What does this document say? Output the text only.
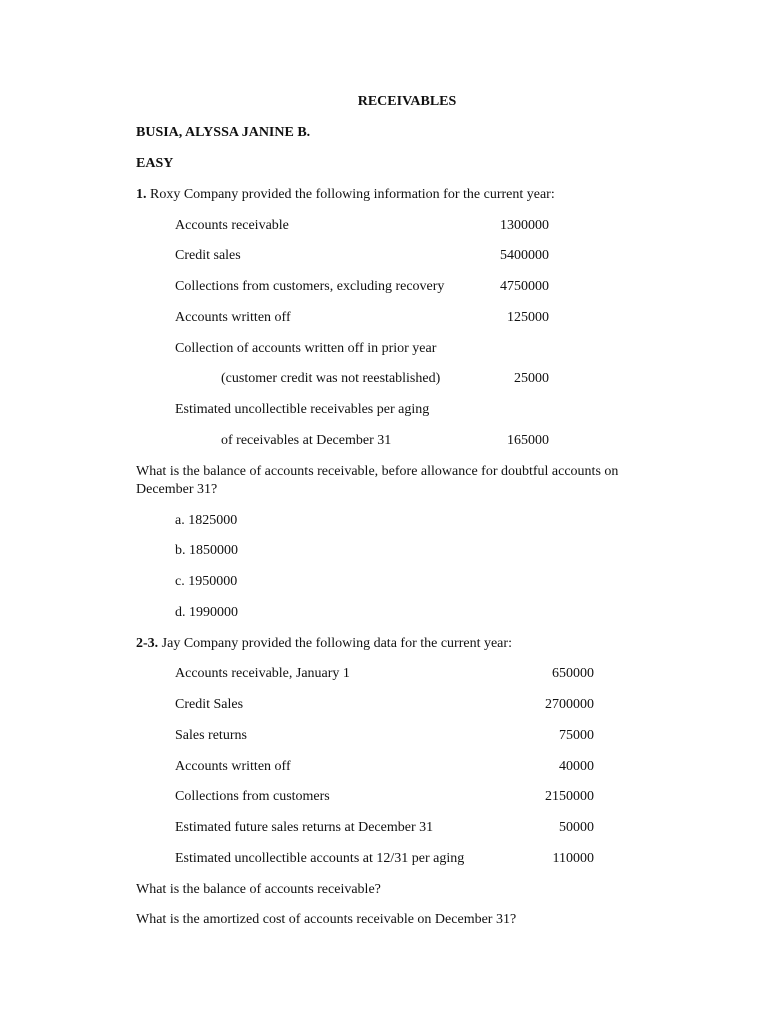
RECEIVABLES
BUSIA, ALYSSA JANINE B.
EASY
1. Roxy Company provided the following information for the current year:
Accounts receivable	1300000
Credit sales	5400000
Collections from customers, excluding recovery	4750000
Accounts written off	125000
Collection of accounts written off in prior year
(customer credit was not reestablished)	25000
Estimated uncollectible receivables per aging
of receivables at December 31	165000
What is the balance of accounts receivable, before allowance for doubtful accounts on December 31?
a. 1825000
b. 1850000
c. 1950000
d. 1990000
2-3. Jay Company provided the following data for the current year:
Accounts receivable, January 1	650000
Credit Sales	2700000
Sales returns	75000
Accounts written off	40000
Collections from customers	2150000
Estimated future sales returns at December 31	50000
Estimated uncollectible accounts at 12/31 per aging	110000
What is the balance of accounts receivable?
What is the amortized cost of accounts receivable on December 31?
